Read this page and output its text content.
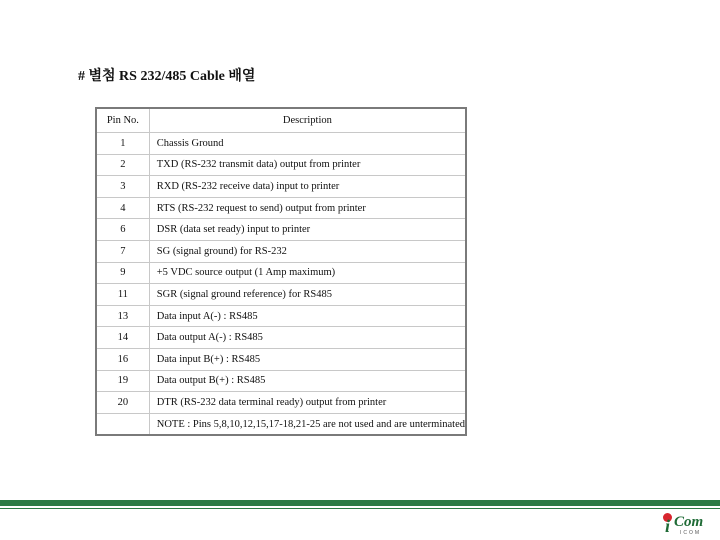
# 별첨 RS 232/485 Cable 배열
Pin No.	Description
1	Chassis Ground
2	TXD (RS-232 transmit data) output from printer
3	RXD (RS-232 receive data) input to printer
4	RTS (RS-232 request to send) output from printer
6	DSR (data set ready) input to printer
7	SG (signal ground) for RS-232
9	+5 VDC source output (1 Amp maximum)
11	SGR (signal ground reference) for RS485
13	Data input A(-) : RS485
14	Data output A(-) : RS485
16	Data input B(+) : RS485
19	Data output B(+) : RS485
20	DTR (RS-232 data terminal ready) output from printer
	NOTE : Pins 5,8,10,12,15,17-18,21-25 are not used and are unterminated
i Com
ICOM
